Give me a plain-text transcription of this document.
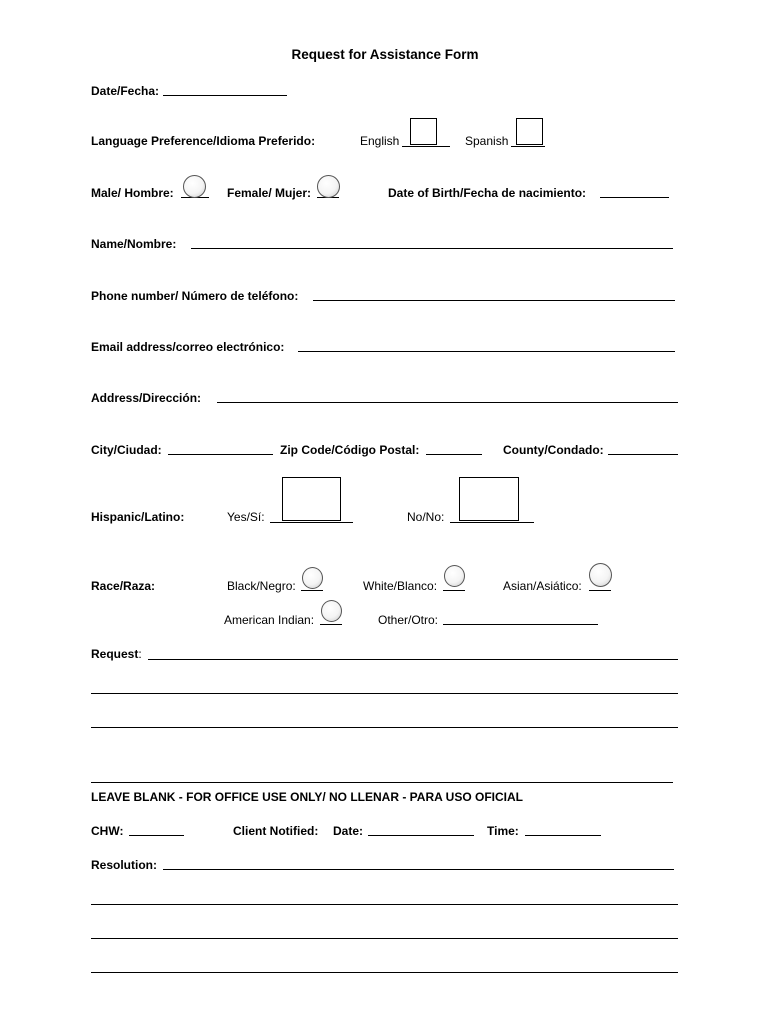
Request for Assistance Form
Date/Fecha:
Language Preference/Idioma Preferido:	English	Spanish
Male/ Hombre:	Female/ Mujer:	Date of Birth/Fecha de nacimiento:
Name/Nombre:
Phone number/ Número de teléfono:
Email address/correo electrónico:
Address/Dirección:
City/Ciudad:	Zip Code/Código Postal:	County/Condado:
Hispanic/Latino:	Yes/Sí:	No/No:
Race/Raza:	Black/Negro:	White/Blanco:	Asian/Asiático:
American Indian:	Other/Otro:
Request:
LEAVE BLANK - FOR OFFICE USE ONLY/ NO LLENAR - PARA USO OFICIAL
CHW:	Client Notified: Date:	Time:
Resolution:
